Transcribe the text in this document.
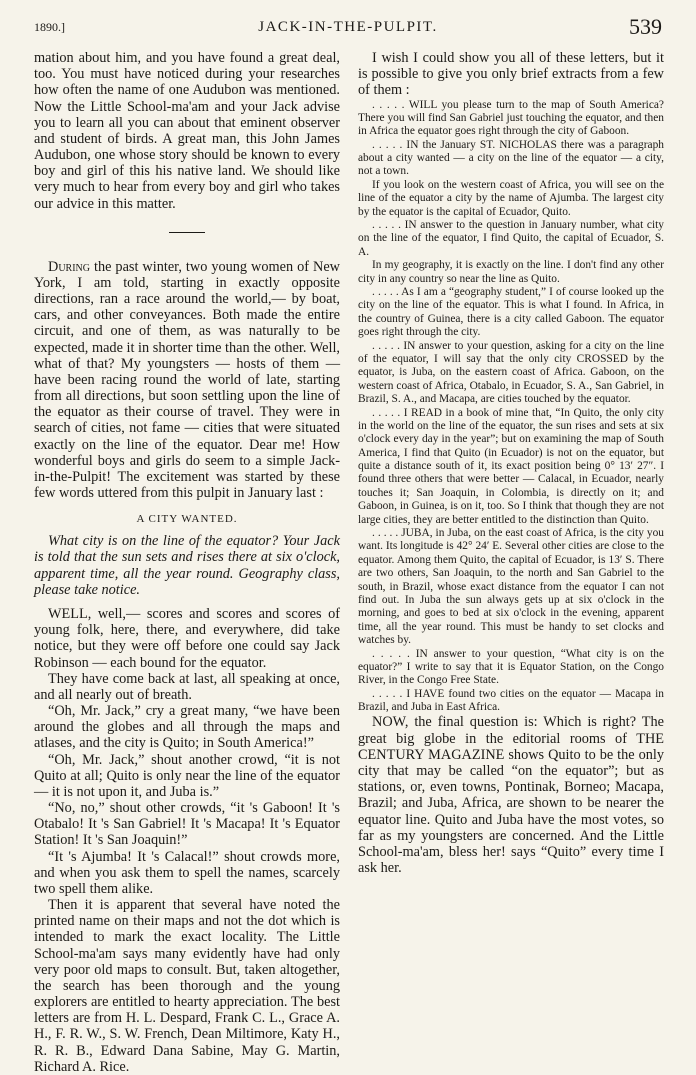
1890.]	JACK-IN-THE-PULPIT.	539

mation about him, and you have found a great deal, too. You must have noticed during your researches how often the name of one Audubon was mentioned. Now the Little School-ma'am and your Jack advise you to learn all you can about that eminent observer and student of birds. A great man, this John James Audubon, one whose story should be known to every boy and girl of this his native land. We should like very much to hear from every boy and girl who takes our advice in this matter.

During the past winter, two young women of New York, I am told, starting in exactly opposite directions, ran a race around the world,— by boat, cars, and other conveyances. Both made the entire circuit, and one of them, as was naturally to be expected, made it in shorter time than the other. Well, what of that? My youngsters — hosts of them — have been racing round the world of late, starting from all directions, but soon settling upon the line of the equator as their course of travel. They were in search of cities, not fame — cities that were situated exactly on the line of the equator. Dear me! How wonderful boys and girls do seem to a simple Jack-in-the-Pulpit! The excitement was started by these few words uttered from this pulpit in January last :

A CITY WANTED.

What city is on the line of the equator? Your Jack is told that the sun sets and rises there at six o'clock, apparent time, all the year round. Geography class, please take notice.

WELL, well,— scores and scores and scores of young folk, here, there, and everywhere, did take notice, but they were off before one could say Jack Robinson — each bound for the equator.

They have come back at last, all speaking at once, and all nearly out of breath.

“Oh, Mr. Jack,” cry a great many, “we have been around the globes and all through the maps and atlases, and the city is Quito; in South America!”

“Oh, Mr. Jack,” shout another crowd, “it is not Quito at all; Quito is only near the line of the equator — it is not upon it, and Juba is.”

“No, no,” shout other crowds, “it 's Gaboon! It 's Otabalo! It 's San Gabriel! It 's Macapa! It 's Equator Station! It 's San Joaquin!”

“It 's Ajumba! It 's Calacal!” shout crowds more, and when you ask them to spell the names, scarcely two spell them alike.

Then it is apparent that several have noted the printed name on their maps and not the dot which is intended to mark the exact locality. The Little School-ma'am says many evidently have had only very poor old maps to consult. But, taken altogether, the search has been thorough and the young explorers are entitled to hearty appreciation. The best letters are from H. L. Despard, Frank C. L., Grace A. H., F. R. W., S. W. French, Dean Miltimore, Katy H., R. R. B., Edward Dana Sabine, May G. Martin, Richard A. Rice.

I wish I could show you all of these letters, but it is possible to give you only brief extracts from a few of them :

. . . . . WILL you please turn to the map of South America? There you will find San Gabriel just touching the equator, and then in Africa the equator goes right through the city of Gaboon.

. . . . . IN the January ST. NICHOLAS there was a paragraph about a city wanted — a city on the line of the equator — a city, not a town.

If you look on the western coast of Africa, you will see on the line of the equator a city by the name of Ajumba. The largest city by the equator is the capital of Ecuador, Quito.

. . . . . IN answer to the question in January number, what city on the line of the equator, I find Quito, the capital of Ecuador, S. A.

In my geography, it is exactly on the line. I don't find any other city in any country so near the line as Quito.

. . . . . As I am a “geography student,” I of course looked up the city on the line of the equator. This is what I found. In Africa, in the country of Guinea, there is a city called Gaboon. The equator goes right through the city.

. . . . . IN answer to your question, asking for a city on the line of the equator, I will say that the only city CROSSED by the equator, is Juba, on the eastern coast of Africa. Gaboon, on the western coast of Africa, Otabalo, in Ecuador, S. A., San Gabriel, in Brazil, S. A., and Macapa, are cities touched by the equator.

. . . . . I READ in a book of mine that, “In Quito, the only city in the world on the line of the equator, the sun rises and sets at six o'clock every day in the year”; but on examining the map of South America, I find that Quito (in Ecuador) is not on the equator, but quite a distance south of it, its exact position being 0° 13′ 27″. I found three others that were better — Calacal, in Ecuador, nearly touches it; San Joaquin, in Colombia, is directly on it; and Gaboon, in Guinea, is on it, too. So I think that though they are not large cities, they are better entitled to the distinction than Quito.

. . . . . JUBA, in Juba, on the east coast of Africa, is the city you want. Its longitude is 42° 24′ E. Several other cities are close to the equator. Among them Quito, the capital of Ecuador, is 13′ S. There are two others, San Joaquin, to the north and San Gabriel to the south, in Brazil, whose exact distance from the equator I can not find out. In Juba the sun always gets up at six o'clock in the morning, and goes to bed at six o'clock in the evening, apparent time, all the year round. This must be handy to set clocks and watches by.

. . . . . IN answer to your question, “What city is on the equator?” I write to say that it is Equator Station, on the Congo River, in the Congo Free State.

. . . . . I HAVE found two cities on the equator — Macapa in Brazil, and Juba in East Africa.

NOW, the final question is: Which is right? The great big globe in the editorial rooms of THE CENTURY MAGAZINE shows Quito to be the only city that may be called “on the equator”; but as stations, or, even towns, Pontinak, Borneo; Macapa, Brazil; and Juba, Africa, are shown to be nearer the equator line. Quito and Juba have the most votes, so far as my youngsters are concerned. And the Little School-ma'am, bless her! says “Quito” every time I ask her.
